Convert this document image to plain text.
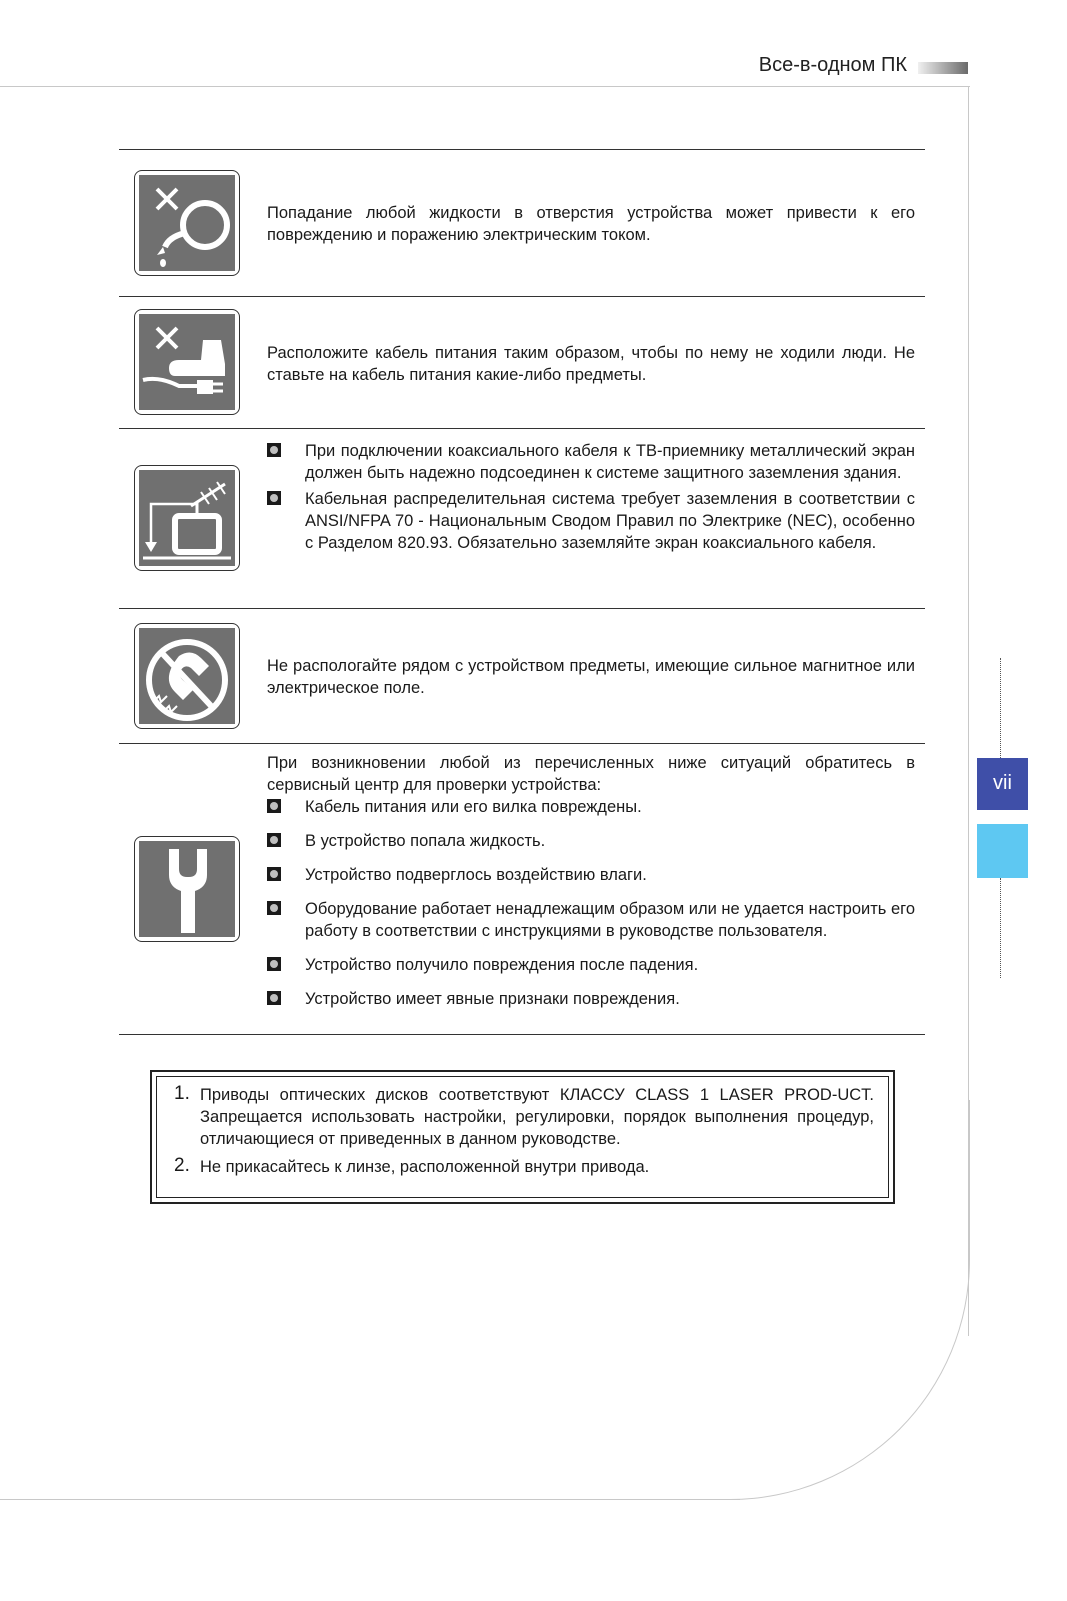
Все-в-одном ПК
vii
Попадание любой жидкости в отверстия устройства может привести к его повреждению и поражению электрическим током.
Расположите кабель питания таким образом, чтобы по нему не ходили люди. Не ставьте на кабель питания какие-либо предметы.
При подключении коаксиального кабеля к ТВ-приемнику металлический экран должен быть надежно подсоединен к системе защитного заземления здания.
Кабельная распределительная система требует заземления в соответствии с ANSI/NFPA 70 - Национальным Сводом Правил по Электрике (NEC), особенно с Разделом 820.93. Обязательно заземляйте экран коаксиального кабеля.
Не распологайте рядом с устройством предметы, имеющие сильное магнитное или электрическое поле.
При возникновении любой из перечисленных ниже ситуаций обратитесь в сервисный центр для проверки устройства:
Кабель питания или его вилка повреждены.
В устройство попала жидкость.
Устройство подверглось воздействию влаги.
Оборудование работает ненадлежащим образом или не удается настроить его работу в соответствии с инструкциями в руководстве пользователя.
Устройство получило повреждения после падения.
Устройство имеет явные признаки повреждения.
1. Приводы оптических дисков соответствуют КЛАССУ CLASS 1 LASER PROD-UCT. Запрещается использовать настройки, регулировки, порядок выполнения процедур, отличающиеся от приведенных в данном руководстве.
2. Не прикасайтесь к линзе, расположенной внутри привода.
